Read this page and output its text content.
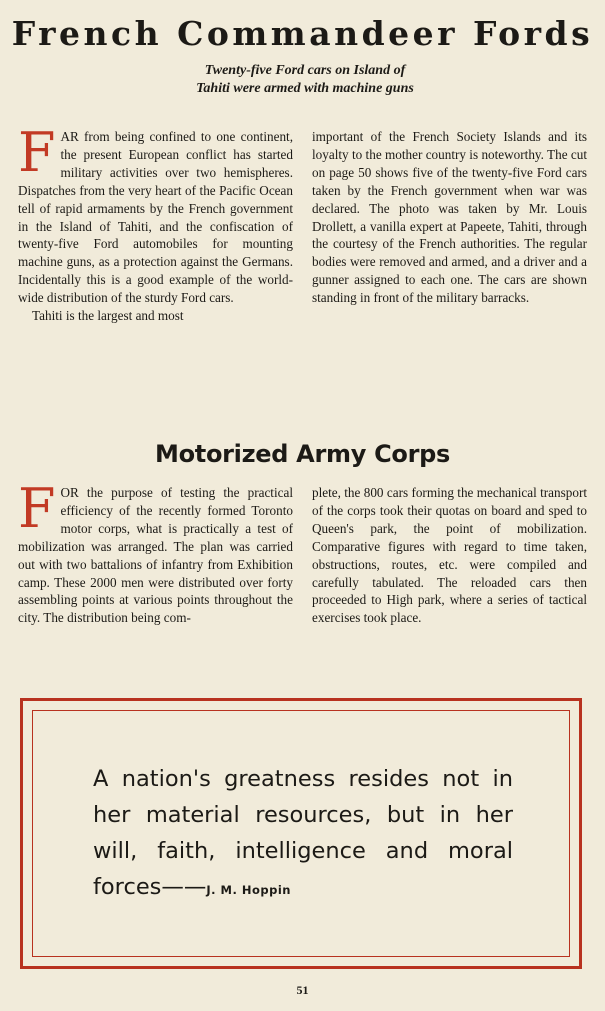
French Commandeer Fords
Twenty-five Ford cars on Island of
Tahiti were armed with machine guns

FAR from being confined to one continent, the present European conflict has started military activities over two hemispheres. Dispatches from the very heart of the Pacific Ocean tell of rapid armaments by the French government in the Island of Tahiti, and the confiscation of twenty-five Ford automobiles for mounting machine guns, as a protection against the Germans. Incidentally this is a good example of the world-wide distribution of the sturdy Ford cars.

Tahiti is the largest and most

important of the French Society Islands and its loyalty to the mother country is noteworthy. The cut on page 50 shows five of the twenty-five Ford cars taken by the French government when war was declared. The photo was taken by Mr. Louis Drollett, a vanilla expert at Papeete, Tahiti, through the courtesy of the French authorities. The regular bodies were removed and armed, and a driver and a gunner assigned to each one. The cars are shown standing in front of the military barracks.

Motorized Army Corps

FOR the purpose of testing the practical efficiency of the recently formed Toronto motor corps, what is practically a test of mobilization was arranged. The plan was carried out with two battalions of infantry from Exhibition camp. These 2000 men were distributed over forty assembling points at various points throughout the city. The distribution being com-

plete, the 800 cars forming the mechanical transport of the corps took their quotas on board and sped to Queen's park, the point of mobilization. Comparative figures with regard to time taken, obstructions, routes, etc. were compiled and carefully tabulated. The reloaded cars then proceeded to High park, where a series of tactical exercises took place.

A nation's greatness resides not in her material resources, but in her will, faith, intelligence and moral forces——J. M. Hoppin

51
